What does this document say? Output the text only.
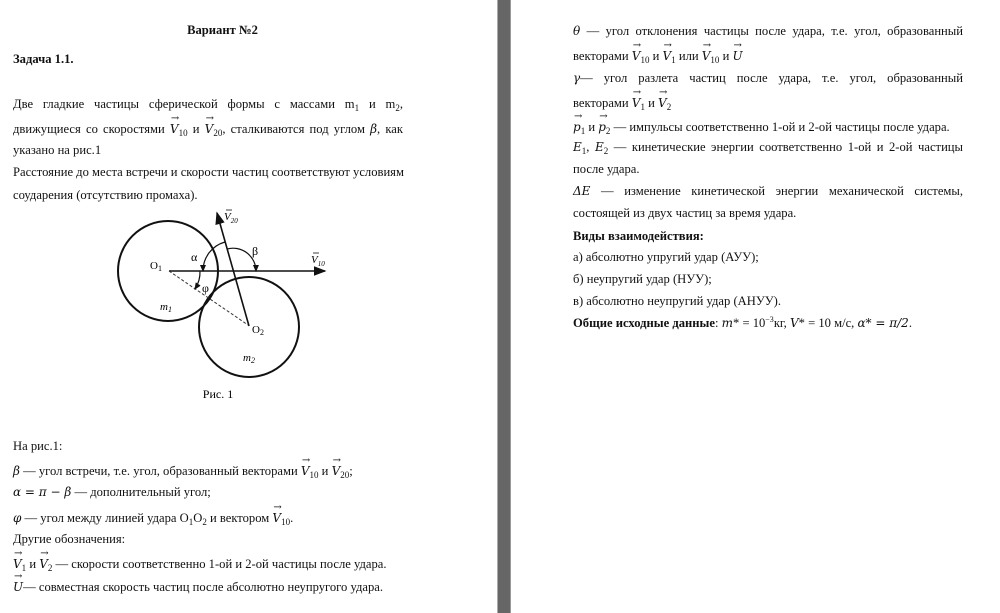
Вариант №2
Задача 1.1.
Две гладкие частицы сферической формы с массами $m_1$ и $m_2$,
движущиеся со скоростями → $V_{10}$ $и \to V_{20}$, сталкиваются под углом β, как
указано на рис.1
Расстояние до места встречи и скорости частиц соответствуют условиям
соударения (отсутствию промаха).
O1
O2
m1
m2
α	β
φ
$V_{20}$
$V_{10}$
Рис. 1
На рис.1:
β — угол встречи, т.е. угол, образованный векторами → $V_{10}$ $и \to V_{20}$;
α = π − β — дополнительный угол;
φ — угол между линией удара $O_1O_2$ и вектором → $V_{10}$.
Другие обозначения:
→ $V_1$ $и \to V_2$ — скорости соответственно 1-ой и 2-ой частицы после удара.
→ U— совместная скорость частиц после абсолютно неупругого удара.
θ — угол отклонения частицы после удара, т.е. угол, образованный
векторами → $V_{10}$ $и \to V_1$ или → $V_{10}$ и → U
γ— угол разлета частиц после удара, т.е. угол, образованный
векторами → $V_1$ $и \to V_2$
→ $p_1$ $и \to p_2$ — импульсы соответственно 1-ой и 2-ой частицы после удара.
$E_1$, $E_2$ — кинетические энергии соответственно 1-ой и 2-ой частицы
после удара.
ΔE — изменение кинетической энергии механической системы,
состоящей из двух частиц за время удара.
Виды взаимодействия:
а) абсолютно упругий удар (АУУ);
б) неупругий удар (НУУ);
в) абсолютно неупругий удар (АНУУ).
Общие исходные данные: $m* = 10^{-3}кг$, V* = 10 м/с, α* = π/2.
